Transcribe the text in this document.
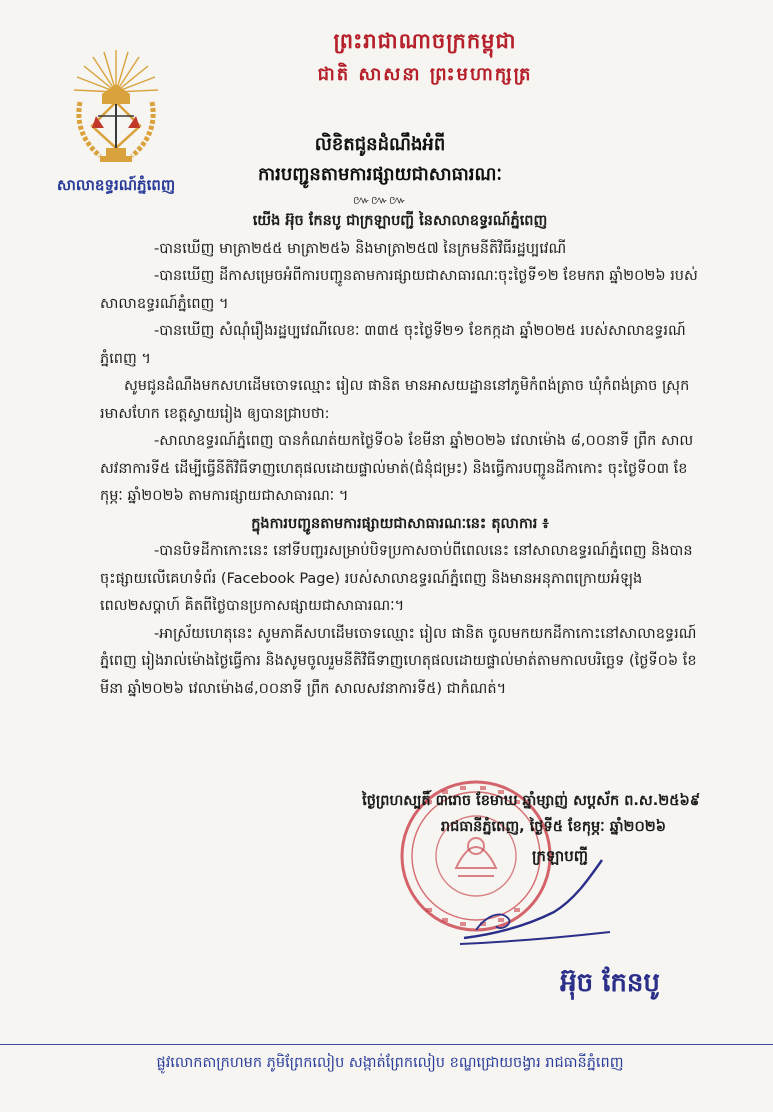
សាលាឧទ្ធរណ៍ភ្នំពេញ
ព្រះរាជាណាចក្រកម្ពុជា
ជាតិ សាសនា ព្រះមហាក្សត្រ
លិខិតជូនដំណឹងអំពី
ការបញ្ជូនតាមការផ្សាយជាសាធារណៈ
៚៚៚

យើង អ៊ុច កែនបូ ជាក្រឡាបញ្ជី នៃសាលាឧទ្ធរណ៍ភ្នំពេញ

-បានឃើញ មាត្រា២៥៥ មាត្រា២៥៦ និងមាត្រា២៥៧ នៃក្រមនីតិវិធីរដ្ឋប្បវេណី

-បានឃើញ ដីកាសម្រេចអំពីការបញ្ជូនតាមការផ្សាយជាសាធារណៈចុះថ្ងៃទី១២ ខែមករា ឆ្នាំ២០២៦ របស់សាលាឧទ្ធរណ៍ភ្នំពេញ ។

-បានឃើញ សំណុំរឿងរដ្ឋប្បវេណីលេខៈ ៣៣៥ ចុះថ្ងៃទី២១ ខែកក្កដា ឆ្នាំ២០២៥ របស់សាលាឧទ្ធរណ៍ភ្នំពេញ ។

សូមជូនដំណឹងមកសហដើមចោទឈ្មោះ រៀល ផានិត មានអាសយដ្ឋាននៅភូមិកំពង់ត្រាច ឃុំកំពង់ត្រាច ស្រុករមាសហែក ខេត្តស្វាយរៀង ឲ្យបានជ្រាបថា:

-សាលាឧទ្ធរណ៍ភ្នំពេញ បានកំណត់យកថ្ងៃទី០៦ ខែមីនា ឆ្នាំ២០២៦ វេលាម៉ោង ៨,០០នាទី ព្រឹក សាលសវនាការទី៥ ដើម្បីធ្វើនីតិវិធីទាញហេតុផលដោយផ្ទាល់មាត់(ជំនុំជម្រះ) និងធ្វើការបញ្ជូនដីកាកោះ ចុះថ្ងៃទី០៣ ខែកុម្ភៈ ឆ្នាំ២០២៦ តាមការផ្សាយជាសាធារណៈ ។

ក្នុងការបញ្ជូនតាមការផ្សាយជាសាធារណៈនេះ តុលាការ ៖

-បានបិទដីកាកោះនេះ នៅទីបញ្ជរសម្រាប់បិទប្រកាសចាប់ពីពេលនេះ នៅសាលាឧទ្ធរណ៍ភ្នំពេញ និងបានចុះផ្សាយលើគេហទំព័រ (Facebook Page) របស់សាលាឧទ្ធរណ៍ភ្នំពេញ និងមានអនុភាពក្រោយអំឡុងពេល២សប្តាហ៍ គិតពីថ្ងៃបានប្រកាសផ្សាយជាសាធារណៈ។

-អាស្រ័យហេតុនេះ សូមភាគីសហដើមចោទឈ្មោះ រៀល ផានិត ចូលមកយកដីកាកោះនៅសាលាឧទ្ធរណ៍ភ្នំពេញ រៀងរាល់ម៉ោងថ្ងៃធ្វើការ និងសូមចូលរួមនីតិវិធីទាញហេតុផលដោយផ្ទាល់មាត់តាមកាលបរិច្ឆេទ (ថ្ងៃទី០៦ ខែមីនា ឆ្នាំ២០២៦ វេលាម៉ោង៨,០០នាទី ព្រឹក សាលសវនាការទី៥) ជាកំណត់។

ថ្ងៃព្រហស្បតិ៍ ៣រោច ខែមាឃ ឆ្នាំម្សាញ់ សប្តស័ក ព.ស.២៥៦៩
រាជធានីភ្នំពេញ, ថ្ងៃទី៥ ខែកុម្ភៈ ឆ្នាំ២០២៦
ក្រឡាបញ្ជី
អ៊ុច កែនបូ
ផ្លូវលោកតាក្រហមក ភូមិព្រែកលៀប សង្កាត់ព្រែកលៀប ខណ្ឌជ្រោយចង្វារ រាជធានីភ្នំពេញ
